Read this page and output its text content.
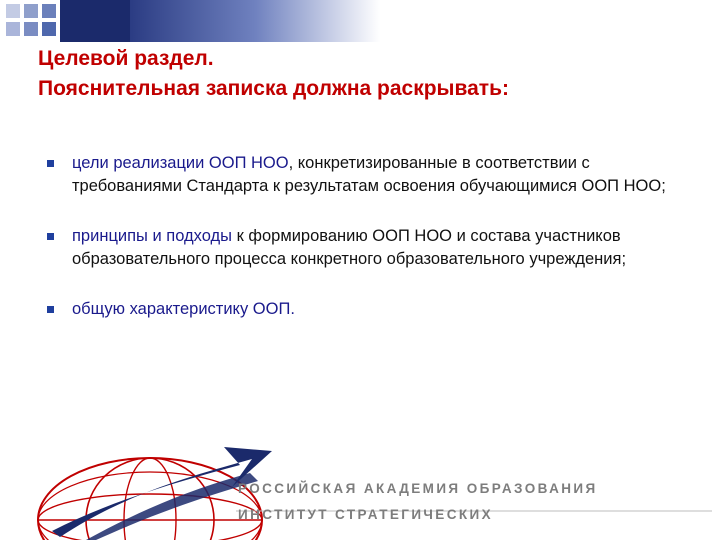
Целевой раздел.
Пояснительная записка должна раскрывать:
цели реализации ООП НОО, конкретизированные в соответствии с требованиями Стандарта к результатам освоения обучающимися ООП НОО;
принципы и подходы к формированию ООП НОО и состава участников образовательного процесса конкретного образовательного учреждения;
общую характеристику ООП.
РОССИЙСКАЯ АКАДЕМИЯ ОБРАЗОВАНИЯ
ИНСТИТУТ СТРАТЕГИЧЕСКИХ
